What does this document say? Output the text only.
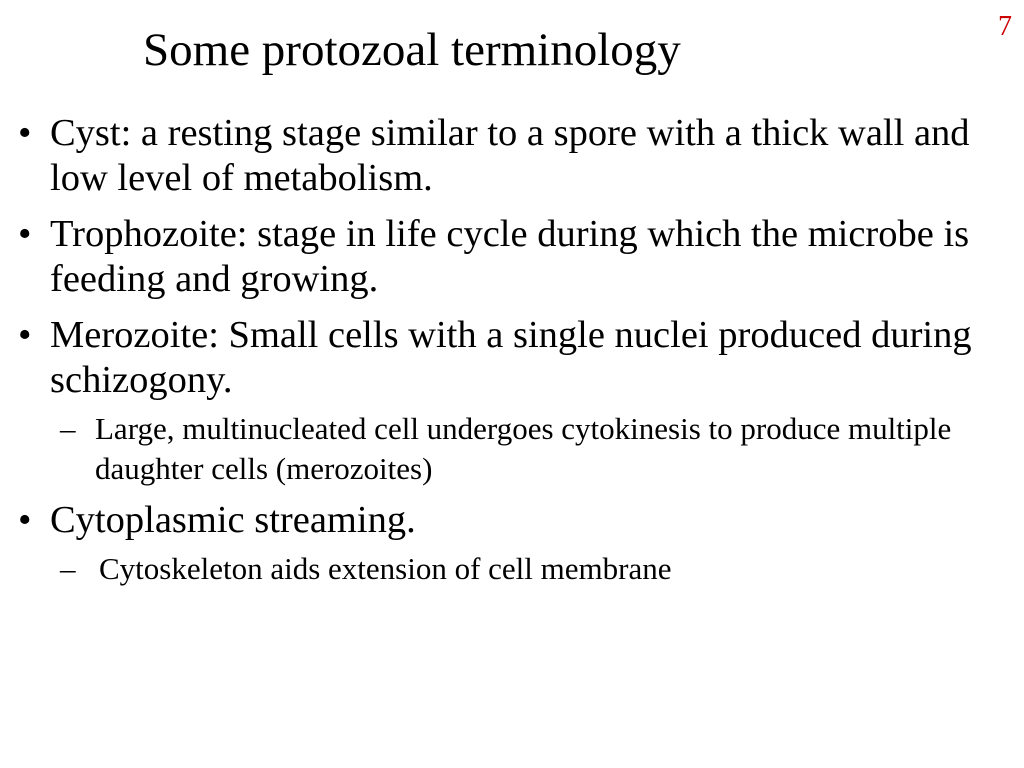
7
Some protozoal terminology
• Cyst: a resting stage similar to a spore with a thick wall and low level of metabolism.
• Trophozoite: stage in life cycle during which the microbe is feeding and growing.
• Merozoite: Small cells with a single nuclei produced during schizogony.
– Large, multinucleated cell undergoes cytokinesis to produce multiple daughter cells (merozoites)
• Cytoplasmic streaming.
– Cytoskeleton aids extension of cell membrane
